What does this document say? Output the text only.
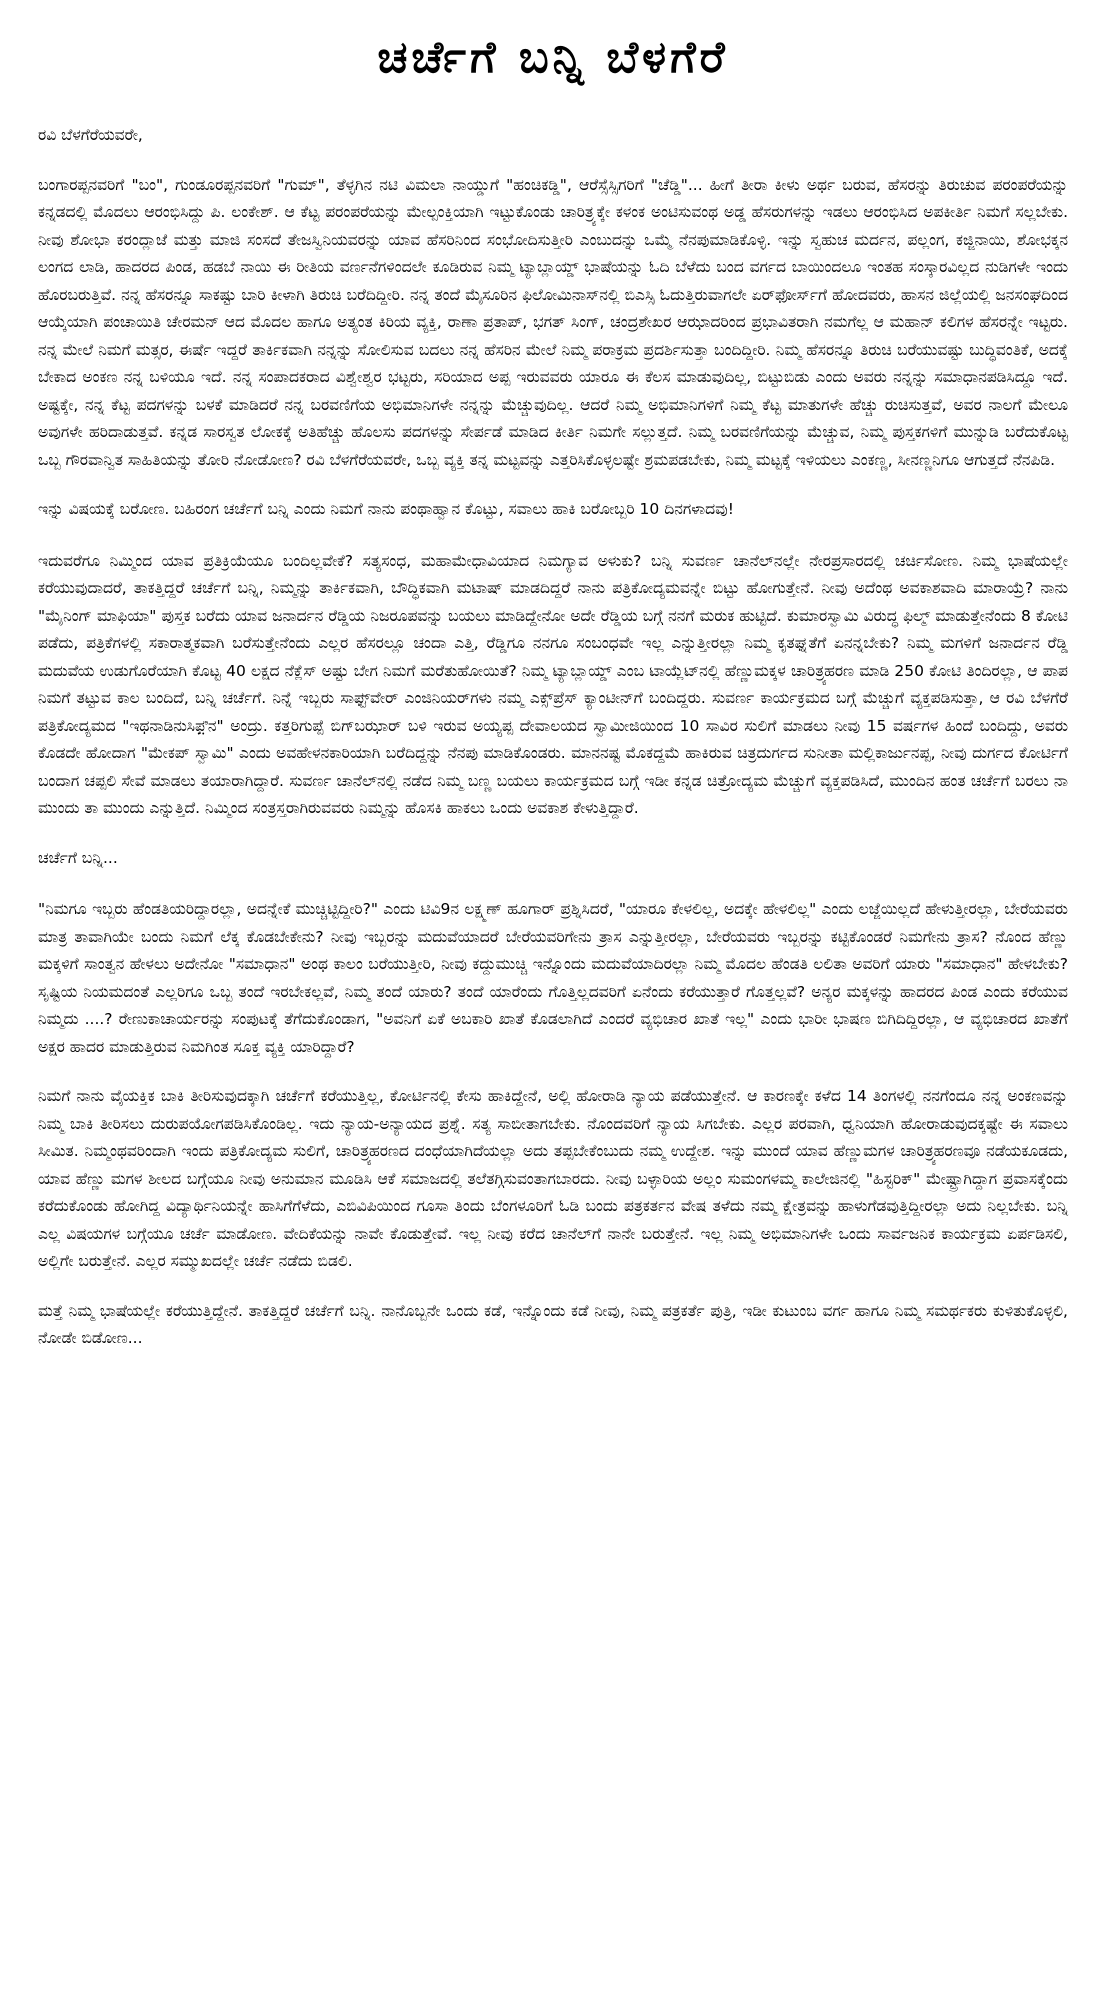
ಚರ್ಚೆಗೆ ಬನ್ನಿ ಬೆಳಗೆರೆ

ರವಿ ಬೆಳಗೆರೆಯವರೇ,

ಬಂಗಾರಪ್ಪನವರಿಗೆ "ಬಂ", ಗುಂಡೂರಪ್ಪನವರಿಗೆ "ಗುಮ್", ತೆಳ್ಳಗಿನ ನಟಿ ವಿಮಲಾ ನಾಯ್ಡುಗೆ "ಹಂಚಿಕಡ್ಡಿ", ಆರೆಸ್ಸೆಸ್ಸಿಗರಿಗೆ "ಚೆಡ್ಡಿ"... ಹೀಗೆ ತೀರಾ ಕೀಳು ಅರ್ಥ ಬರುವ, ಹೆಸರನ್ನು ತಿರುಚುವ ಪರಂಪರೆಯನ್ನು ಕನ್ನಡದಲ್ಲಿ ಮೊದಲು ಆರಂಭಿಸಿದ್ದು ಪಿ. ಲಂಕೇಶ್. ಆ ಕೆಟ್ಟ ಪರಂಪರೆಯನ್ನು ಮೇಲ್ಪಂಕ್ತಿಯಾಗಿ ಇಟ್ಟುಕೊಂಡು ಚಾರಿತ್ರ್ಯಕ್ಕೇ ಕಳಂಕ ಅಂಟಿಸುವಂಥ ಅಡ್ಡ ಹೆಸರುಗಳನ್ನು ಇಡಲು ಆರಂಭಿಸಿದ ಅಪಕೀರ್ತಿ ನಿಮಗೆ ಸಲ್ಲಬೇಕು. ನೀವು ಶೋಭಾ ಕರಂದ್ಲಾಜೆ ಮತ್ತು ಮಾಜಿ ಸಂಸದೆ ತೇಜಸ್ವಿನಿಯವರನ್ನು ಯಾವ ಹೆಸರಿನಿಂದ ಸಂಭೋದಿಸುತ್ತೀರಿ ಎಂಬುದನ್ನು ಒಮ್ಮೆ ನೆನಪುಮಾಡಿಕೊಳ್ಳಿ. ಇನ್ನು ಸ್ವಹುಚ ಮರ್ದನ, ಪಲ್ಲಂಗ, ಕಜ್ಜಿನಾಯಿ, ಶೋಭಕ್ಕನ ಲಂಗದ ಲಾಡಿ, ಹಾದರದ ಪಿಂಡ, ಹಡಬೆ ನಾಯಿ ಈ ರೀತಿಯ ವರ್ಣನೆಗಳಿಂದಲೇ ಕೂಡಿರುವ ನಿಮ್ಮ ಟ್ಯಾಬ್ಲಾಯ್ಡ್ ಭಾಷೆಯನ್ನು ಓದಿ ಬೆಳೆದು ಬಂದ ವರ್ಗದ ಬಾಯಿಂದಲೂ ಇಂತಹ ಸಂಸ್ಕಾರವಿಲ್ಲದ ನುಡಿಗಳೇ ಇಂದು ಹೊರಬರುತ್ತಿವೆ. ನನ್ನ ಹೆಸರನ್ನೂ ಸಾಕಷ್ಟು ಬಾರಿ ಕೀಳಾಗಿ ತಿರುಚಿ ಬರೆದಿದ್ದೀರಿ. ನನ್ನ ತಂದೆ ಮೈಸೂರಿನ ಫಿಲೋಮಿನಾಸ್‌ನಲ್ಲಿ ಬಿಎಸ್ಸಿ ಓದುತ್ತಿರುವಾಗಲೇ ಏರ್‌ಫೋರ್ಸ್‌ಗೆ ಹೋದವರು, ಹಾಸನ ಜಿಲ್ಲೆಯಲ್ಲಿ ಜನಸಂಘದಿಂದ ಆಯ್ಕೆಯಾಗಿ ಪಂಚಾಯಿತಿ ಚೇರಮನ್ ಆದ ಮೊದಲ ಹಾಗೂ ಅತ್ಯಂತ ಕಿರಿಯ ವ್ಯಕ್ತಿ, ರಾಣಾ ಪ್ರತಾಪ್, ಭಗತ್ ಸಿಂಗ್, ಚಂದ್ರಶೇಖರ ಆಝಾದರಿಂದ ಪ್ರಭಾವಿತರಾಗಿ ನಮಗೆಲ್ಲ ಆ ಮಹಾನ್ ಕಲಿಗಳ ಹೆಸರನ್ನೇ ಇಟ್ಟರು. ನನ್ನ ಮೇಲೆ ನಿಮಗೆ ಮತ್ಸರ, ಈರ್ಷೆ ಇದ್ದರೆ ತಾರ್ಕಿಕವಾಗಿ ನನ್ನನ್ನು ಸೋಲಿಸುವ ಬದಲು ನನ್ನ ಹೆಸರಿನ ಮೇಲೆ ನಿಮ್ಮ ಪರಾಕ್ರಮ ಪ್ರದರ್ಶಿಸುತ್ತಾ ಬಂದಿದ್ದೀರಿ. ನಿಮ್ಮ ಹೆಸರನ್ನೂ ತಿರುಚಿ ಬರೆಯುವಷ್ಟು ಬುದ್ಧಿವಂತಿಕೆ, ಅದಕ್ಕೆ ಬೇಕಾದ ಅಂಕಣ ನನ್ನ ಬಳಿಯೂ ಇದೆ. ನನ್ನ ಸಂಪಾದಕರಾದ ವಿಶ್ವೇಶ್ವರ ಭಟ್ಟರು, ಸರಿಯಾದ ಅಪ್ಪ ಇರುವವರು ಯಾರೂ ಈ ಕೆಲಸ ಮಾಡುವುದಿಲ್ಲ, ಬಿಟ್ಟುಬಿಡು ಎಂದು ಅವರು ನನ್ನನ್ನು ಸಮಾಧಾನಪಡಿಸಿದ್ದೂ ಇದೆ. ಅಷ್ಟಕ್ಕೇ, ನನ್ನ ಕೆಟ್ಟ ಪದಗಳನ್ನು ಬಳಕೆ ಮಾಡಿದರೆ ನನ್ನ ಬರವಣಿಗೆಯ ಅಭಿಮಾನಿಗಳೇ ನನ್ನನ್ನು ಮೆಚ್ಚುವುದಿಲ್ಲ. ಆದರೆ ನಿಮ್ಮ ಅಭಿಮಾನಿಗಳಿಗೆ ನಿಮ್ಮ ಕೆಟ್ಟ ಮಾತುಗಳೇ ಹೆಚ್ಚು ರುಚಿಸುತ್ತವೆ, ಅವರ ನಾಲಗೆ ಮೇಲೂ ಅವುಗಳೇ ಹರಿದಾಡುತ್ತವೆ. ಕನ್ನಡ ಸಾರಸ್ವತ ಲೋಕಕ್ಕೆ ಅತಿಹೆಚ್ಚು ಹೊಲಸು ಪದಗಳನ್ನು ಸೇರ್ಪಡೆ ಮಾಡಿದ ಕೀರ್ತಿ ನಿಮಗೇ ಸಲ್ಲುತ್ತದೆ. ನಿಮ್ಮ ಬರವಣಿಗೆಯನ್ನು ಮೆಚ್ಚುವ, ನಿಮ್ಮ ಪುಸ್ತಕಗಳಿಗೆ ಮುನ್ನುಡಿ ಬರೆದುಕೊಟ್ಟ ಒಬ್ಬ ಗೌರವಾನ್ವಿತ ಸಾಹಿತಿಯನ್ನು ತೋರಿ ನೋಡೋಣ? ರವಿ ಬೆಳಗೆರೆಯವರೇ, ಒಬ್ಬ ವ್ಯಕ್ತಿ ತನ್ನ ಮಟ್ಟವನ್ನು ಎತ್ತರಿಸಿಕೊಳ್ಳಲಷ್ಟೇ ಶ್ರಮಪಡಬೇಕು, ನಿಮ್ಮ ಮಟ್ಟಕ್ಕೆ ಇಳಿಯಲು ಎಂಕಣ್ಣ, ಸೀನಣ್ಣನಿಗೂ ಆಗುತ್ತದೆ ನೆನಪಿಡಿ.

ಇನ್ನು ವಿಷಯಕ್ಕೆ ಬರೋಣ. ಬಹಿರಂಗ ಚರ್ಚೆಗೆ ಬನ್ನಿ ಎಂದು ನಿಮಗೆ ನಾನು ಪಂಥಾಹ್ವಾನ ಕೊಟ್ಟು, ಸವಾಲು ಹಾಕಿ ಬರೋಬ್ಬರಿ 10 ದಿನಗಳಾದವು!

ಇದುವರೆಗೂ ನಿಮ್ಮಿಂದ ಯಾವ ಪ್ರತಿಕ್ರಿಯೆಯೂ ಬಂದಿಲ್ಲವೇಕೆ? ಸತ್ಯಸಂಧ, ಮಹಾಮೇಧಾವಿಯಾದ ನಿಮಗ್ಯಾವ ಅಳುಕು? ಬನ್ನಿ ಸುವರ್ಣ ಚಾನೆಲ್‌ನಲ್ಲೇ ನೇರಪ್ರಸಾರದಲ್ಲಿ ಚರ್ಚಿಸೋಣ. ನಿಮ್ಮ ಭಾಷೆಯಲ್ಲೇ ಕರೆಯುವುದಾದರೆ, ತಾಕತ್ತಿದ್ದರೆ ಚರ್ಚೆಗೆ ಬನ್ನಿ, ನಿಮ್ಮನ್ನು ತಾರ್ಕಿಕವಾಗಿ, ಬೌದ್ಧಿಕವಾಗಿ ಮಟಾಷ್ ಮಾಡದಿದ್ದರೆ ನಾನು ಪತ್ರಿಕೋದ್ಯಮವನ್ನೇ ಬಿಟ್ಟು ಹೋಗುತ್ತೇನೆ. ನೀವು ಅದೆಂಥ ಅವಕಾಶವಾದಿ ಮಾರಾಯ್ರೆ? ನಾನು "ಮೈನಿಂಗ್ ಮಾಫಿಯಾ" ಪುಸ್ತಕ ಬರೆದು ಯಾವ ಜನಾರ್ದನ ರೆಡ್ಡಿಯ ನಿಜರೂಪವನ್ನು ಬಯಲು ಮಾಡಿದ್ದೇನೋ ಅದೇ ರೆಡ್ಡಿಯ ಬಗ್ಗೆ ನನಗೆ ಮರುಕ ಹುಟ್ಟಿದೆ. ಕುಮಾರಸ್ವಾಮಿ ವಿರುದ್ಧ ಫಿಲ್ಮ್ ಮಾಡುತ್ತೇನೆಂದು 8 ಕೋಟಿ ಪಡೆದು, ಪತ್ರಿಕೆಗಳಲ್ಲಿ ಸಕಾರಾತ್ಮಕವಾಗಿ ಬರೆಸುತ್ತೇನೆಂದು ಎಲ್ಲರ ಹೆಸರಲ್ಲೂ ಚಂದಾ ಎತ್ತಿ, ರೆಡ್ಡಿಗೂ ನನಗೂ ಸಂಬಂಧವೇ ಇಲ್ಲ ಎನ್ನುತ್ತೀರಲ್ಲಾ ನಿಮ್ಮ ಕೃತಘ್ನತೆಗೆ ಏನನ್ನಬೇಕು? ನಿಮ್ಮ ಮಗಳಿಗೆ ಜನಾರ್ದನ ರೆಡ್ಡಿ ಮದುವೆಯ ಉಡುಗೊರೆಯಾಗಿ ಕೊಟ್ಟ 40 ಲಕ್ಷದ ನೆಕ್ಲೆಸ್ ಅಷ್ಟು ಬೇಗ ನಿಮಗೆ ಮರೆತುಹೋಯಿತೆ? ನಿಮ್ಮ ಟ್ಯಾಬ್ಲಾಯ್ಡ್ ಎಂಬ ಟಾಯ್ಲೆಟ್‌ನಲ್ಲಿ ಹೆಣ್ಣುಮಕ್ಕಳ ಚಾರಿತ್ರ್ಯಹರಣ ಮಾಡಿ 250 ಕೋಟಿ ತಿಂದಿರಲ್ಲಾ, ಆ ಪಾಪ ನಿಮಗೆ ತಟ್ಟುವ ಕಾಲ ಬಂದಿದೆ, ಬನ್ನಿ ಚರ್ಚೆಗೆ. ನಿನ್ನೆ ಇಬ್ಬರು ಸಾಫ್ಟ್‌ವೇರ್ ಎಂಜಿನಿಯರ್‌ಗಳು ನಮ್ಮ ಎಕ್ಸ್‌ಪ್ರೆಸ್ ಕ್ಯಾಂಟೀನ್‌ಗೆ ಬಂದಿದ್ದರು. ಸುವರ್ಣ ಕಾರ್ಯಕ್ರಮದ ಬಗ್ಗೆ ಮೆಚ್ಚುಗೆ ವ್ಯಕ್ತಪಡಿಸುತ್ತಾ, ಆ ರವಿ ಬೆಳಗೆರೆ ಪತ್ರಿಕೋದ್ಯಮದ "ಇಥನಾಡಿನುಸಿಫ಼ಿನ" ಅಂದ್ರು. ಕತ್ತರಿಗುಪ್ಪೆ ಬಿಗ್‌ಬಝಾರ್ ಬಳಿ ಇರುವ ಅಯ್ಯಪ್ಪ ದೇವಾಲಯದ ಸ್ವಾಮೀಜಿಯಿಂದ 10 ಸಾವಿರ ಸುಲಿಗೆ ಮಾಡಲು ನೀವು 15 ವರ್ಷಗಳ ಹಿಂದೆ ಬಂದಿದ್ದು, ಅವರು ಕೊಡದೇ ಹೋದಾಗ "ಮೇಕಪ್ ಸ್ವಾಮಿ" ಎಂದು ಅವಹೇಳನಕಾರಿಯಾಗಿ ಬರೆದಿದ್ದನ್ನು ನೆನಪು ಮಾಡಿಕೊಂಡರು. ಮಾನನಷ್ಟ ಮೊಕದ್ದಮೆ ಹಾಕಿರುವ ಚಿತ್ರದುರ್ಗದ ಸುನೀತಾ ಮಲ್ಲಿಕಾರ್ಜುನಪ್ಪ, ನೀವು ದುರ್ಗದ ಕೋರ್ಟಿಗೆ ಬಂದಾಗ ಚಪ್ಪಲಿ ಸೇವೆ ಮಾಡಲು ತಯಾರಾಗಿದ್ದಾರೆ. ಸುವರ್ಣ ಚಾನೆಲ್‌ನಲ್ಲಿ ನಡೆದ ನಿಮ್ಮ ಬಣ್ಣ ಬಯಲು ಕಾರ್ಯಕ್ರಮದ ಬಗ್ಗೆ ಇಡೀ ಕನ್ನಡ ಚಿತ್ರೋದ್ಯಮ ಮೆಚ್ಚುಗೆ ವ್ಯಕ್ತಪಡಿಸಿದೆ, ಮುಂದಿನ ಹಂತ ಚರ್ಚೆಗೆ ಬರಲು ನಾ ಮುಂದು ತಾ ಮುಂದು ಎನ್ನುತ್ತಿದೆ. ನಿಮ್ಮಿಂದ ಸಂತ್ರಸ್ತರಾಗಿರುವವರು ನಿಮ್ಮನ್ನು ಹೊಸಕಿ ಹಾಕಲು ಒಂದು ಅವಕಾಶ ಕೇಳುತ್ತಿದ್ದಾರೆ.

ಚರ್ಚೆಗೆ ಬನ್ನಿ...

"ನಿಮಗೂ ಇಬ್ಬರು ಹೆಂಡತಿಯರಿದ್ದಾರಲ್ಲಾ, ಅದನ್ನೇಕೆ ಮುಚ್ಚಿಟ್ಟಿದ್ದೀರಿ?" ಎಂದು ಟಿವಿ9ನ ಲಕ್ಷ್ಮಣ್ ಹೂಗಾರ್ ಪ್ರಶ್ನಿಸಿದರೆ, "ಯಾರೂ ಕೇಳಲಿಲ್ಲ, ಅದಕ್ಕೇ ಹೇಳಲಿಲ್ಲ" ಎಂದು ಲಜ್ಜೆಯಿಲ್ಲದೆ ಹೇಳುತ್ತೀರಲ್ಲಾ, ಬೇರೆಯವರು ಮಾತ್ರ ತಾವಾಗಿಯೇ ಬಂದು ನಿಮಗೆ ಲೆಕ್ಕ ಕೊಡಬೇಕೇನು? ನೀವು ಇಬ್ಬರನ್ನು ಮದುವೆಯಾದರೆ ಬೇರೆಯವರಿಗೇನು ತ್ರಾಸ ಎನ್ನುತ್ತೀರಲ್ಲಾ, ಬೇರೆಯವರು ಇಬ್ಬರನ್ನು ಕಟ್ಟಿಕೊಂಡರೆ ನಿಮಗೇನು ತ್ರಾಸ? ನೊಂದ ಹೆಣ್ಣು ಮಕ್ಕಳಿಗೆ ಸಾಂತ್ವನ ಹೇಳಲು ಅದೇನೋ "ಸಮಾಧಾನ" ಅಂಥ ಕಾಲಂ ಬರೆಯುತ್ತೀರಿ, ನೀವು ಕದ್ದುಮುಚ್ಚಿ ಇನ್ನೊಂದು ಮದುವೆಯಾದಿರಲ್ಲಾ ನಿಮ್ಮ ಮೊದಲ ಹೆಂಡತಿ ಲಲಿತಾ ಅವರಿಗೆ ಯಾರು "ಸಮಾಧಾನ" ಹೇಳಬೇಕು? ಸೃಷ್ಟಿಯ ನಿಯಮದಂತೆ ಎಲ್ಲರಿಗೂ ಒಬ್ಬ ತಂದೆ ಇರಬೇಕಲ್ಲವೆ, ನಿಮ್ಮ ತಂದೆ ಯಾರು? ತಂದೆ ಯಾರೆಂದು ಗೊತ್ತಿಲ್ಲದವರಿಗೆ ಏನೆಂದು ಕರೆಯುತ್ತಾರೆ ಗೊತ್ತಲ್ಲವೆ? ಅನ್ಯರ ಮಕ್ಕಳನ್ನು ಹಾದರದ ಪಿಂಡ ಎಂದು ಕರೆಯುವ ನಿಮ್ಮದು ....? ರೇಣುಕಾಚಾರ್ಯರನ್ನು ಸಂಪುಟಕ್ಕೆ ತೆಗೆದುಕೊಂಡಾಗ, "ಅವನಿಗೆ ಏಕೆ ಅಬಕಾರಿ ಖಾತೆ ಕೊಡಲಾಗಿದೆ ಎಂದರೆ ವ್ಯಭಿಚಾರ ಖಾತೆ ಇಲ್ಲ" ಎಂದು ಭಾರೀ ಭಾಷಣ ಬಿಗಿದಿದ್ದಿರಲ್ಲಾ, ಆ ವ್ಯಭಿಚಾರದ ಖಾತೆಗೆ ಅಕ್ಷರ ಹಾದರ ಮಾಡುತ್ತಿರುವ ನಿಮಗಿಂತ ಸೂಕ್ತ ವ್ಯಕ್ತಿ ಯಾರಿದ್ದಾರೆ?

ನಿಮಗೆ ನಾನು ವೈಯಕ್ತಿಕ ಬಾಕಿ ತೀರಿಸುವುದಕ್ಕಾಗಿ ಚರ್ಚೆಗೆ ಕರೆಯುತ್ತಿಲ್ಲ, ಕೋರ್ಟಿನಲ್ಲಿ ಕೇಸು ಹಾಕಿದ್ದೇನೆ, ಅಲ್ಲಿ ಹೋರಾಡಿ ನ್ಯಾಯ ಪಡೆಯುತ್ತೇನೆ. ಆ ಕಾರಣಕ್ಕೇ ಕಳೆದ 14 ತಿಂಗಳಲ್ಲಿ ನನಗೆಂದೂ ನನ್ನ ಅಂಕಣವನ್ನು ನಿಮ್ಮ ಬಾಕಿ ತೀರಿಸಲು ದುರುಪಯೋಗಪಡಿಸಿಕೊಂಡಿಲ್ಲ. ಇದು ನ್ಯಾಯ-ಅನ್ಯಾಯದ ಪ್ರಶ್ನೆ. ಸತ್ಯ ಸಾಬೀತಾಗಬೇಕು. ನೊಂದವರಿಗೆ ನ್ಯಾಯ ಸಿಗಬೇಕು. ಎಲ್ಲರ ಪರವಾಗಿ, ಧ್ವನಿಯಾಗಿ ಹೋರಾಡುವುದಕ್ಕಷ್ಟೇ ಈ ಸವಾಲು ಸೀಮಿತ. ನಿಮ್ಮಂಥವರಿಂದಾಗಿ ಇಂದು ಪತ್ರಿಕೋದ್ಯಮ ಸುಲಿಗೆ, ಚಾರಿತ್ರ್ಯಹರಣದ ದಂಧೆಯಾಗಿದೆಯಲ್ಲಾ ಅದು ತಪ್ಪಬೇಕೆಂಬುದು ನಮ್ಮ ಉದ್ದೇಶ. ಇನ್ನು ಮುಂದೆ ಯಾವ ಹೆಣ್ಣುಮಗಳ ಚಾರಿತ್ರ್ಯಹರಣವೂ ನಡೆಯಕೂಡದು, ಯಾವ ಹೆಣ್ಣು ಮಗಳ ಶೀಲದ ಬಗ್ಗೆಯೂ ನೀವು ಅನುಮಾನ ಮೂಡಿಸಿ ಆಕೆ ಸಮಾಜದಲ್ಲಿ ತಲೆತಗ್ಗಿಸುವಂತಾಗಬಾರದು. ನೀವು ಬಳ್ಳಾರಿಯ ಅಲ್ಲಂ ಸುಮಂಗಳಮ್ಮ ಕಾಲೇಜಿನಲ್ಲಿ "ಹಿಸ್ಟರಿಕ್" ಮೇಷ್ಟ್ರಾಗಿದ್ದಾಗ ಪ್ರವಾಸಕ್ಕೆಂದು ಕರೆದುಕೊಂಡು ಹೋಗಿದ್ದ ವಿದ್ಯಾರ್ಥಿನಿಯನ್ನೇ ಹಾಸಿಗೆಗೆಳೆದು, ಎಬಿವಿಪಿಯಿಂದ ಗೂಸಾ ತಿಂದು ಬೆಂಗಳೂರಿಗೆ ಓಡಿ ಬಂದು ಪತ್ರಕರ್ತನ ವೇಷ ತಳೆದು ನಮ್ಮ ಕ್ಷೇತ್ರವನ್ನು ಹಾಳುಗೆಡವುತ್ತಿದ್ದೀರಲ್ಲಾ ಅದು ನಿಲ್ಲಬೇಕು. ಬನ್ನಿ ಎಲ್ಲ ವಿಷಯಗಳ ಬಗ್ಗೆಯೂ ಚರ್ಚೆ ಮಾಡೋಣ. ವೇದಿಕೆಯನ್ನು ನಾವೇ ಕೊಡುತ್ತೇವೆ. ಇಲ್ಲ ನೀವು ಕರೆದ ಚಾನೆಲ್‌ಗೆ ನಾನೇ ಬರುತ್ತೇನೆ. ಇಲ್ಲ ನಿಮ್ಮ ಅಭಿಮಾನಿಗಳೇ ಒಂದು ಸಾರ್ವಜನಿಕ ಕಾರ್ಯಕ್ರಮ ಏರ್ಪಡಿಸಲಿ, ಅಲ್ಲಿಗೇ ಬರುತ್ತೇನೆ. ಎಲ್ಲರ ಸಮ್ಮುಖದಲ್ಲೇ ಚರ್ಚೆ ನಡೆದು ಬಿಡಲಿ.

ಮತ್ತೆ ನಿಮ್ಮ ಭಾಷೆಯಲ್ಲೇ ಕರೆಯುತ್ತಿದ್ದೇನೆ. ತಾಕತ್ತಿದ್ದರೆ ಚರ್ಚೆಗೆ ಬನ್ನಿ. ನಾನೊಬ್ಬನೇ ಒಂದು ಕಡೆ, ಇನ್ನೊಂದು ಕಡೆ ನೀವು, ನಿಮ್ಮ ಪತ್ರಕರ್ತೆ ಪುತ್ರಿ, ಇಡೀ ಕುಟುಂಬ ವರ್ಗ ಹಾಗೂ ನಿಮ್ಮ ಸಮರ್ಥಕರು ಕುಳಿತುಕೊಳ್ಳಲಿ, ನೋಡೇ ಬಿಡೋಣ...
